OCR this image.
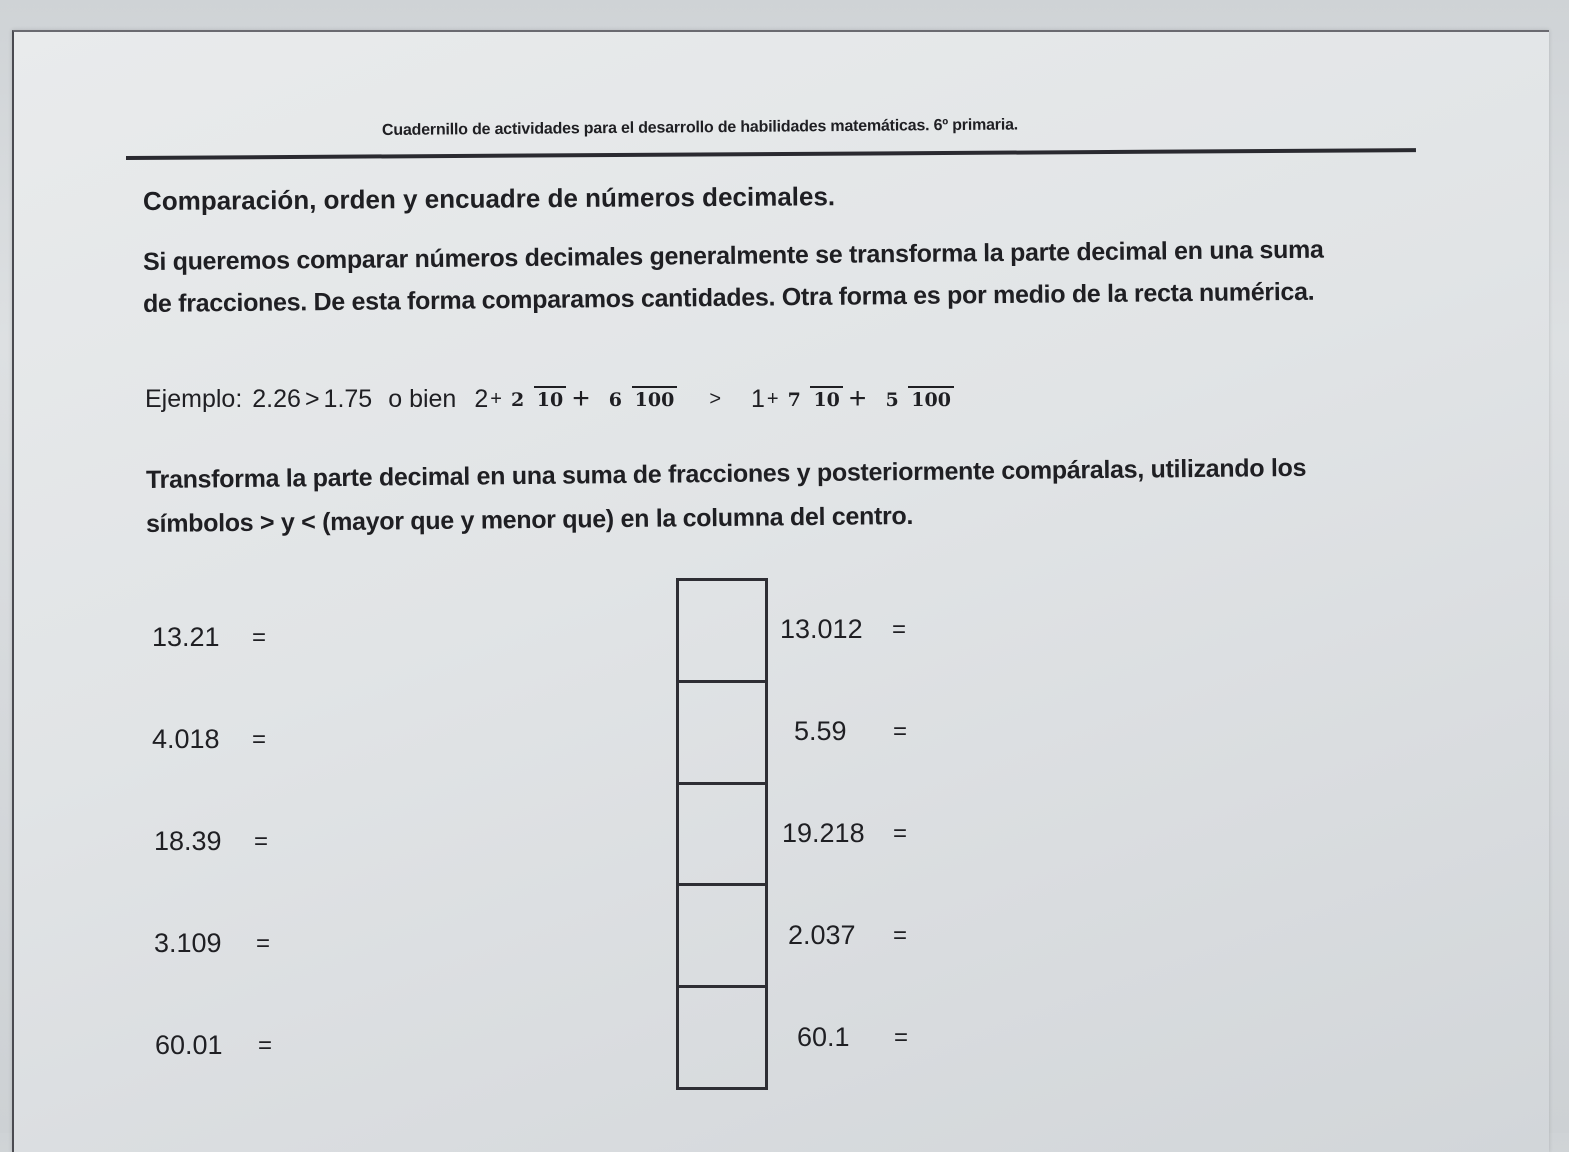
Cuadernillo de actividades para el desarrollo de habilidades matemáticas. 6º primaria.
Comparación, orden y encuadre de números decimales.
Si queremos comparar números decimales generalmente se transforma la parte decimal en una suma
de fracciones. De esta forma comparamos cantidades. Otra forma es por medio de la recta numérica.
Ejemplo: 2.26 > 1.75 o bien 2 + 2 10 + 6 100 > 1 + 7 10 + 5 100
Transforma la parte decimal en una suma de fracciones y posteriormente compáralas, utilizando los
símbolos > y < (mayor que y menor que) en la columna del centro.
13.21
4.018
18.39
3.109
60.01
=
=
=
=
=
13.012
5.59
19.218
2.037
60.1
=
=
=
=
=
